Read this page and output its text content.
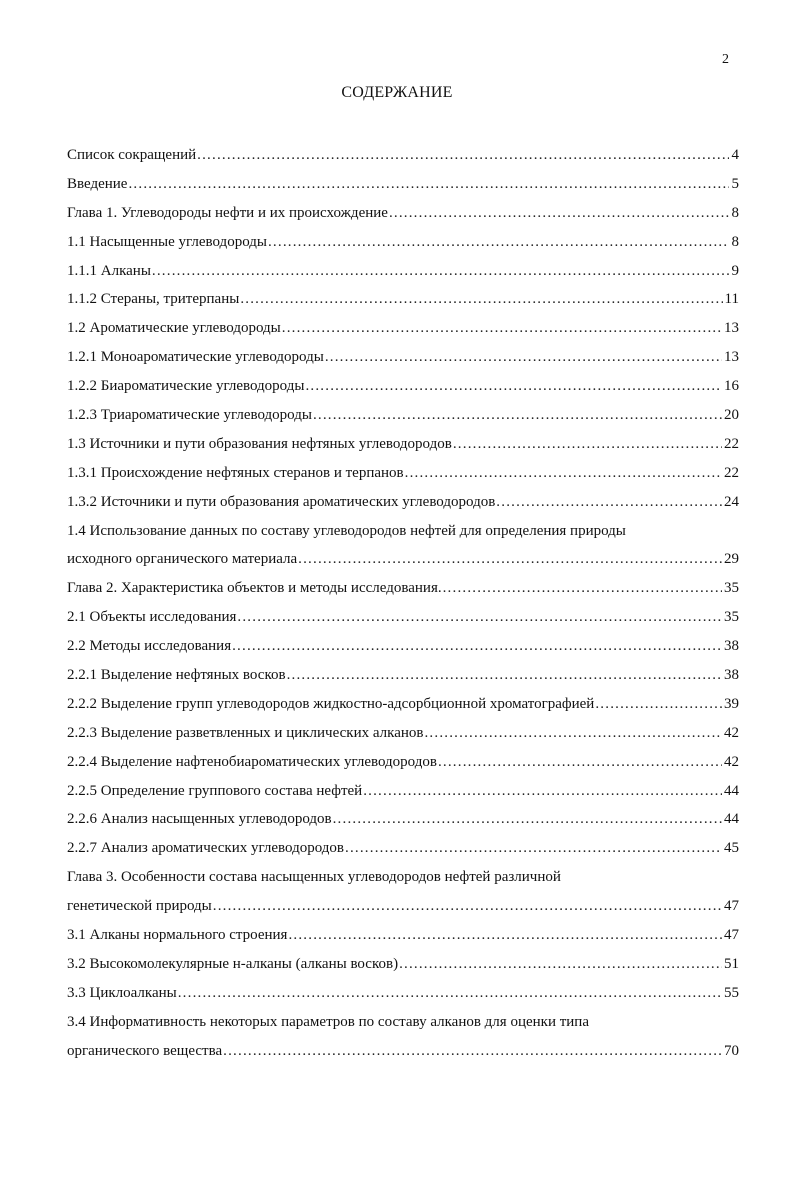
2
СОДЕРЖАНИЕ
Список сокращений .....	4
Введение .....	5
Глава 1. Углеводороды нефти и их происхождение .....	8
1.1 Насыщенные углеводороды .....	8
1.1.1 Алканы .....	9
1.1.2 Стераны, тритерпаны .....	11
1.2 Ароматические углеводороды .....	13
1.2.1 Моноароматические углеводороды .....	13
1.2.2 Биароматические углеводороды .....	16
1.2.3 Триароматические углеводороды .....	20
1.3 Источники и пути образования нефтяных углеводородов .....	22
1.3.1 Происхождение нефтяных стеранов и терпанов .....	22
1.3.2 Источники и пути образования ароматических углеводородов .....	24
1.4 Использование данных по составу углеводородов нефтей для определения природы
исходного органического материала .....	29
Глава 2. Характеристика объектов и методы исследования. .....	35
2.1 Объекты исследования .....	35
2.2 Методы исследования .....	38
2.2.1 Выделение нефтяных восков .....	38
2.2.2 Выделение групп углеводородов жидкостно-адсорбционной хроматографией .....	39
2.2.3 Выделение разветвленных и циклических алканов .....	42
2.2.4 Выделение нафтенобиароматических углеводородов .....	42
2.2.5 Определение группового состава нефтей .....	44
2.2.6 Анализ насыщенных углеводородов .....	44
2.2.7 Анализ ароматических углеводородов .....	45
Глава 3. Особенности состава насыщенных углеводородов нефтей различной
генетической природы .....	47
3.1 Алканы нормального строения .....	47
3.2 Высокомолекулярные н-алканы (алканы восков) .....	51
3.3 Циклоалканы .....	55
3.4 Информативность некоторых параметров по составу алканов для оценки типа
органического вещества .....	70
